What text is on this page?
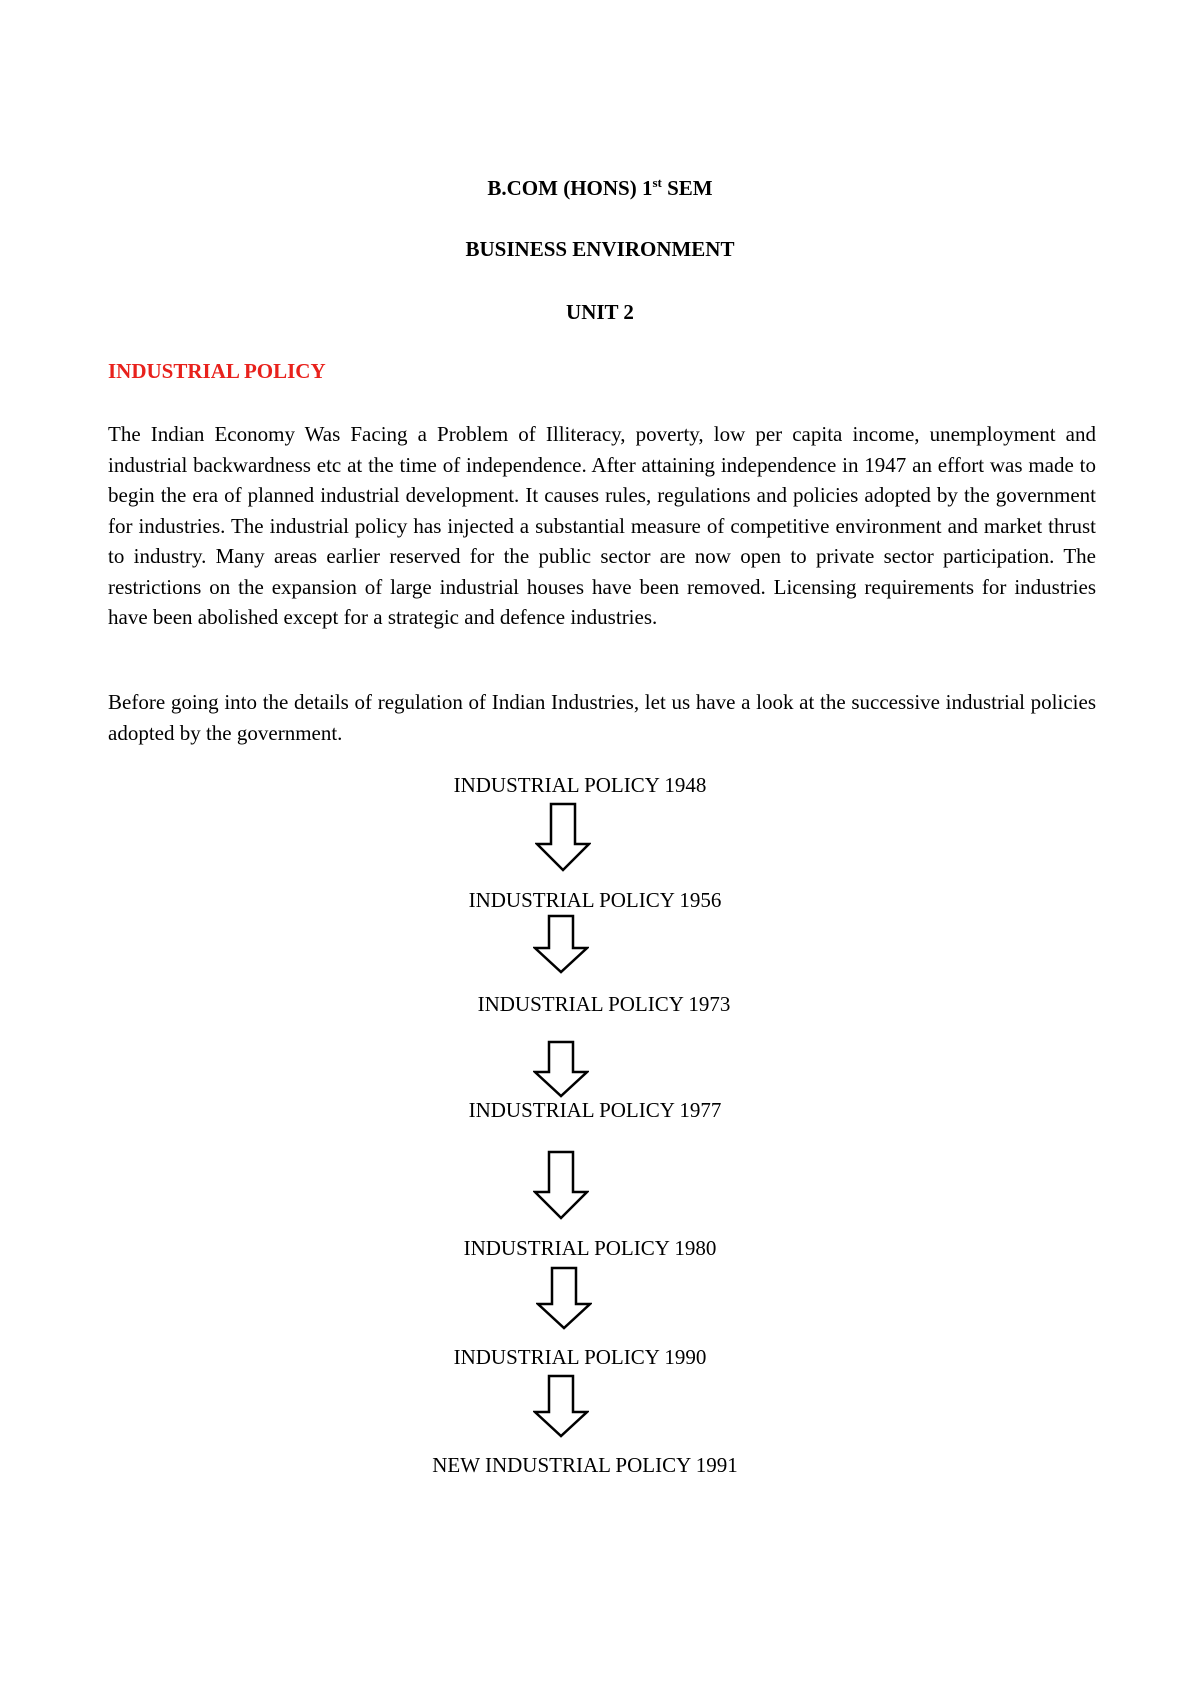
B.COM (HONS) 1st SEM
BUSINESS ENVIRONMENT
UNIT 2
INDUSTRIAL POLICY

The Indian Economy Was Facing a Problem of Illiteracy, poverty, low per capita income, unemployment and industrial backwardness etc at the time of independence. After attaining independence in 1947 an effort was made to begin the era of planned industrial development. It causes rules, regulations and policies adopted by the government for industries. The industrial policy has injected a substantial measure of competitive environment and market thrust to industry. Many areas earlier reserved for the public sector are now open to private sector participation. The restrictions on the expansion of large industrial houses have been removed. Licensing requirements for industries have been abolished except for a strategic and defence industries.

Before going into the details of regulation of Indian Industries, let us have a look at the successive industrial policies adopted by the government.

INDUSTRIAL POLICY 1948
INDUSTRIAL POLICY 1956
INDUSTRIAL POLICY 1973
INDUSTRIAL POLICY 1977
INDUSTRIAL POLICY 1980
INDUSTRIAL POLICY 1990
NEW INDUSTRIAL POLICY 1991
